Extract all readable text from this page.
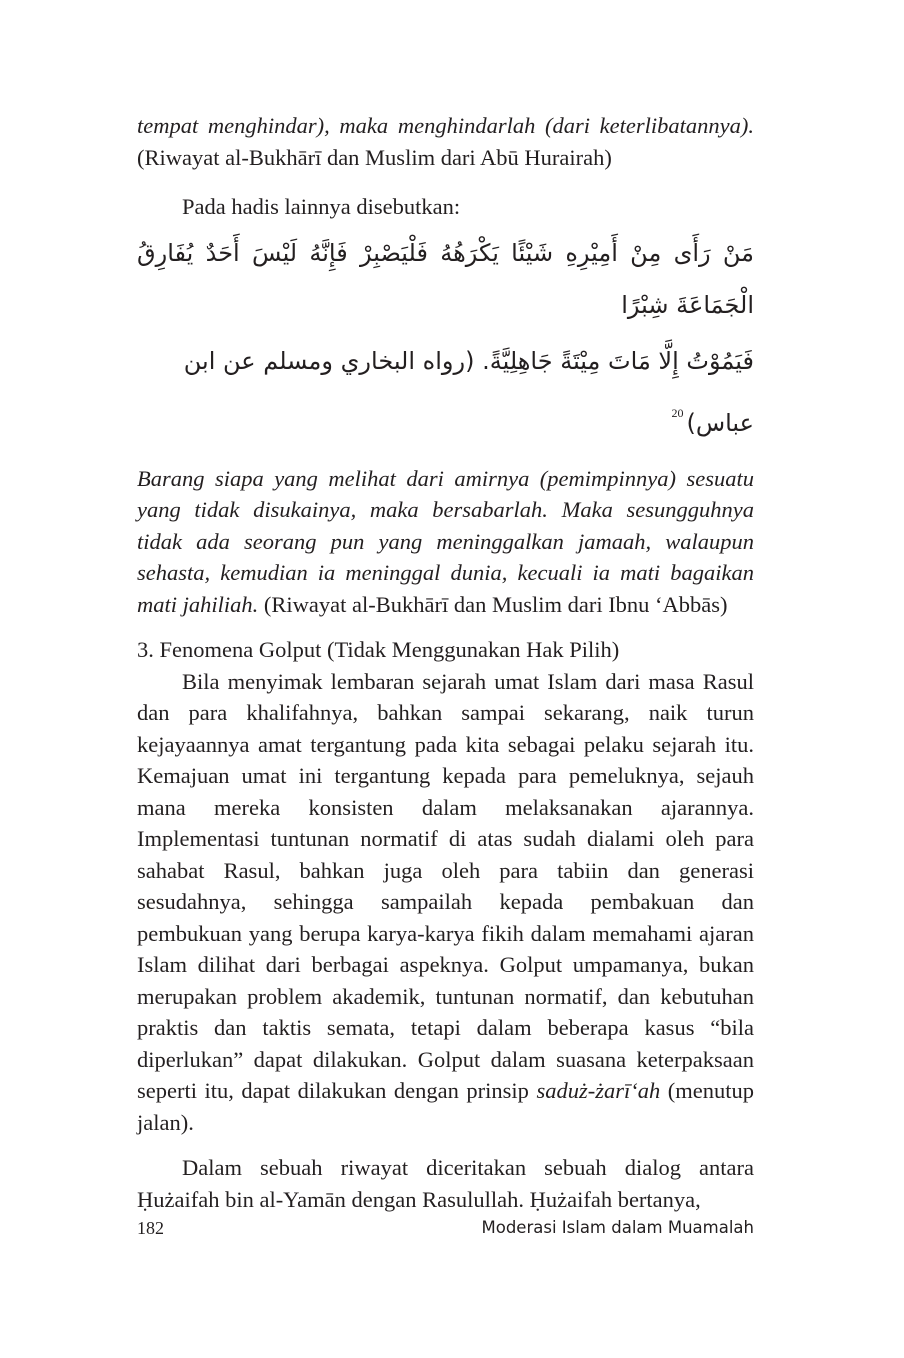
tempat menghindar), maka menghindarlah (dari keterlibatannya). (Riwayat al-Bukhārī dan Muslim dari Abū Hurairah)

Pada hadis lainnya disebutkan:

مَنْ رَأَى مِنْ أَمِيْرِهِ شَيْئًا يَكْرَهُهُ فَلْيَصْبِرْ فَإِنَّهُ لَيْسَ أَحَدٌ يُفَارِقُ الْجَمَاعَةَ شِبْرًا

فَيَمُوْتُ إِلَّا مَاتَ مِيْتَةً جَاهِلِيَّةً. (رواه البخاري ومسلم عن ابن عباس)$^{20}$

Barang siapa yang melihat dari amirnya (pemimpinnya) sesuatu yang tidak disukainya, maka bersabarlah. Maka sesungguhnya tidak ada seorang pun yang meninggalkan jamaah, walaupun sehasta, kemudian ia meninggal dunia, kecuali ia mati bagaikan mati jahiliah. (Riwayat al-Bukhārī dan Muslim dari Ibnu ‘Abbās)

3. Fenomena Golput (Tidak Menggunakan Hak Pilih)

Bila menyimak lembaran sejarah umat Islam dari masa Rasul dan para khalifahnya, bahkan sampai sekarang, naik turun kejayaannya amat tergantung pada kita sebagai pelaku sejarah itu. Kemajuan umat ini tergantung kepada para pemeluknya, sejauh mana mereka konsisten dalam melaksanakan ajarannya. Implementasi tuntunan normatif di atas sudah dialami oleh para sahabat Rasul, bahkan juga oleh para tabiin dan generasi sesudahnya, sehingga sampailah kepada pembakuan dan pembukuan yang berupa karya-karya fikih dalam memahami ajaran Islam dilihat dari berbagai aspeknya. Golput umpamanya, bukan merupakan problem akademik, tuntunan normatif, dan kebutuhan praktis dan taktis semata, tetapi dalam beberapa kasus “bila diperlukan” dapat dilakukan. Golput dalam suasana keterpaksaan seperti itu, dapat dilakukan dengan prinsip saduż-żarī‘ah (menutup jalan).

Dalam sebuah riwayat diceritakan sebuah dialog antara Ḥużaifah bin al-Yamān dengan Rasulullah. Ḥużaifah bertanya,

182	Moderasi Islam dalam Muamalah
